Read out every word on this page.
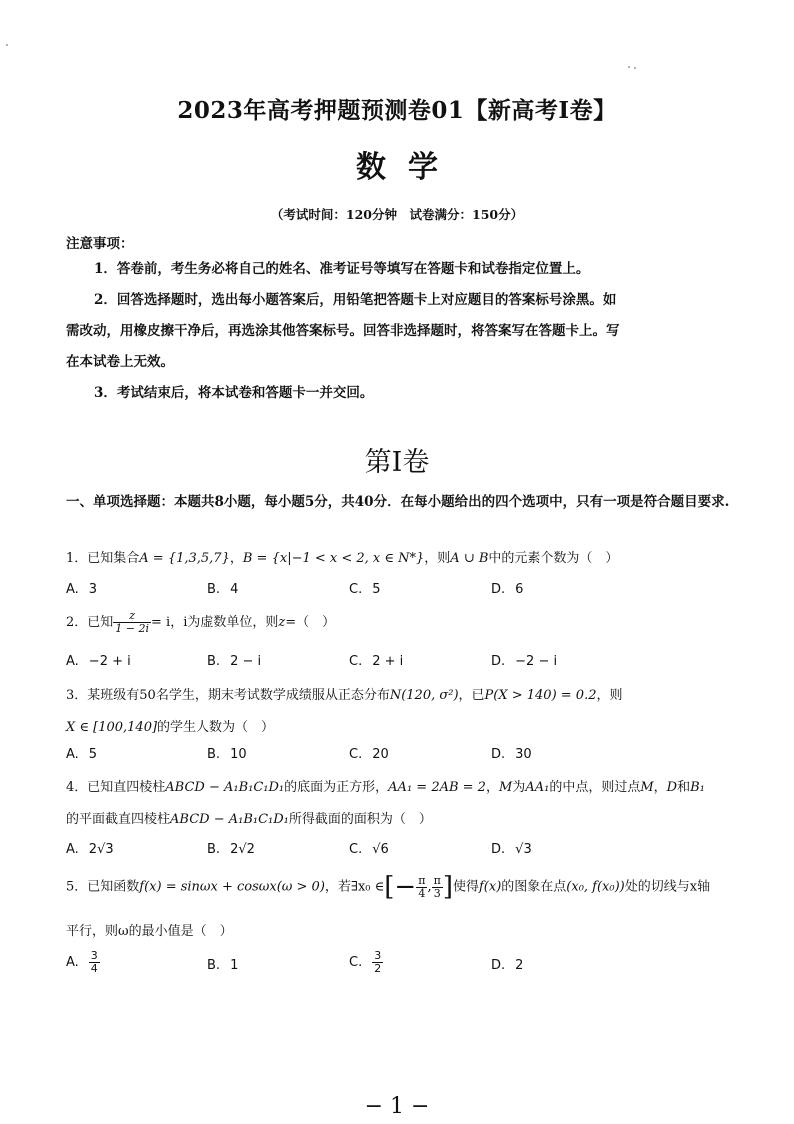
2023年高考押题预测卷01【新高考Ⅰ卷】
数学
（考试时间：120分钟　试卷满分：150分）
注意事项：

1．答卷前，考生务必将自己的姓名、准考证号等填写在答题卡和试卷指定位置上。

2．回答选择题时，选出每小题答案后，用铅笔把答题卡上对应题目的答案标号涂黑。如

需改动，用橡皮擦干净后，再选涂其他答案标号。回答非选择题时，将答案写在答题卡上。写

在本试卷上无效。

3．考试结束后，将本试卷和答题卡一并交回。

第Ⅰ卷
一、单项选择题：本题共8小题，每小题5分，共40分．在每小题给出的四个选项中，只有一项是符合题目要求.
1．已知集合A = {1,3,5,7}，B = {x|−1 < x < 2, x ∈ N*}，则A ∪ B中的元素个数为（　）
A. 3	B. 4	C. 5	D. 6
2．已知 $\frac{z}{1 - 2i} = i$，i为虚数单位，则z=（　）
A. −2 + i	B. 2 − i	C. 2 + i	D. −2 − i
3．某班级有50名学生，期末考试数学成绩服从正态分布N(120, σ²)，已P(X > 140) = 0.2，则
X ∈ [100,140]的学生人数为（　）
A. 5	B. 10	C. 20	D. 30
4．已知直四棱柱ABCD − A₁B₁C₁D₁的底面为正方形，AA₁ = 2AB = 2，M为AA₁的中点，则过点M，D和B₁
的平面截直四棱柱ABCD − A₁B₁C₁D₁所得截面的面积为（　）
A. 2√3	B. 2√2	C. √6	D. √3
5．已知函数f(x) = sinωx + cosωx(ω > 0)，若∃x₀ ∈[− $\frac{\pi}{4}$ , $\frac{\pi}{3}$ ]使得f(x)的图象在点(x₀, f(x₀))处的切线与x轴
平行，则ω的最小值是（　）
A. $\frac{3}{4}$	B. 1	C. $\frac{3}{2}$	D. 2
− 1 −
